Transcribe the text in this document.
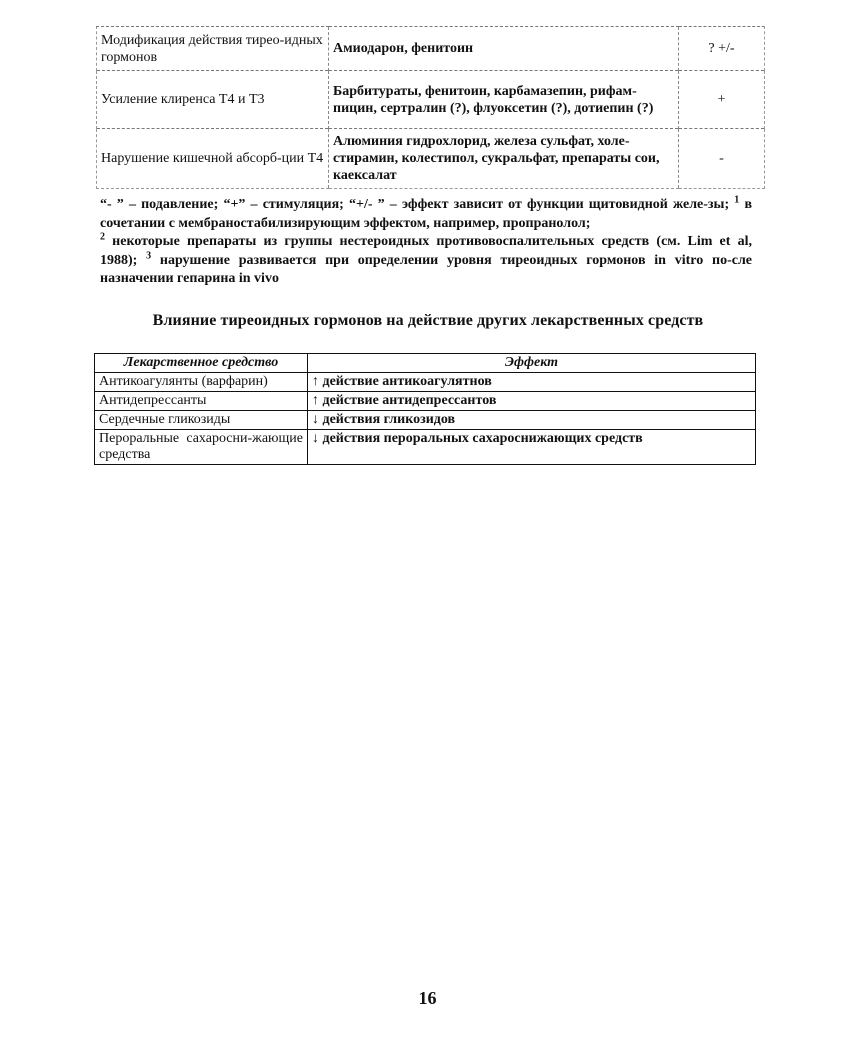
Модификация действия тирео-идных гормонов	Амиодарон, фенитоин	? +/-
Усиление клиренса Т4 и Т3	Барбитураты, фенитоин, карбамазепин, рифам-пицин, сертралин (?), флуоксетин (?), дотиепин (?)	+
Нарушение кишечной абсорб-ции Т4	Алюминия гидрохлорид, железа сульфат, холе-стирамин, колестипол, сукральфат, препараты сои, каексалат	-
“- ” – подавление; “+” – стимуляция; “+/- ” – эффект зависит от функции щитовидной желе-зы; $^1$ в сочетании с мембраностабилизирующим эффектом, например, пропранолол;
$^2$ некоторые препараты из группы нестероидных противовоспалительных средств (см. Lim et al, 1988); $^3$ нарушение развивается при определении уровня тиреоидных гормонов in vitro по-сле назначении гепарина in vivo
Влияние тиреоидных гормонов на действие других лекарственных средств
Лекарственное средство	Эффект
Антикоагулянты (варфарин)	↑ действие антикоагулятнов
Антидепрессанты	↑ действие антидепрессантов
Сердечные гликозиды	↓ действия гликозидов
Пероральные сахаросни-жающие средства	↓ действия пероральных сахароснижающих средств
16
